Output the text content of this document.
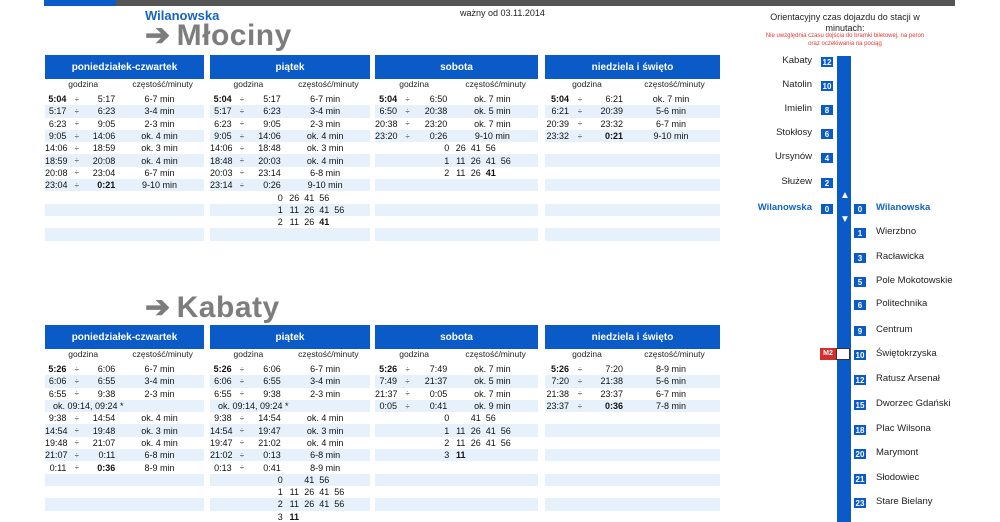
Wilanowska	ważny od 03.11.2014
➔ Młociny
poniedziałek-czwartek
godzina	częstość/minuty
5:04	÷	5:17	6-7 min
5:17	÷	6:23	3-4 min
6:23	÷	9:05	2-3 min
9:05	÷	14:06	ok. 4 min
14:06 ÷	18:59	ok. 3 min
18:59 ÷	20:08	ok. 4 min
20:08 ÷	23:04	6-7 min
23:04 ÷	0:21	9-10 min
piątek
godzina	częstość/minuty
5:04	÷	5:17	6-7 min
5:17	÷	6:23	3-4 min
6:23	÷	9:05	2-3 min
9:05	÷	14:06	ok. 4 min
14:06 ÷	18:48	ok. 3 min
18:48 ÷	20:03	ok. 4 min
20:03 ÷	23:14	6-8 min
23:14 ÷	0:26	9-10 min
0 26 41 56
1 11 26 41 56
2 11 26 41
sobota
godzina	częstość/minuty
5:04	÷	6:50	ok. 7 min
6:50	÷	20:38	ok. 5 min
20:38 ÷	23:20	ok. 7 min
23:20 ÷	0:26	9-10 min
0 26 41 56
1 11 26 41 56
2 11 26 41
niedziela i święto
godzina	częstość/minuty
5:04	÷	6:21	ok. 7 min
6:21	÷	20:39	5-6 min
20:39	÷	23:32	6-7 min
23:32	÷	0:21	9-10 min
➔ Kabaty
poniedziałek-czwartek
godzina	częstość/minuty
5:26	÷	6:06	6-7 min
6:06	÷	6:55	3-4 min
6:55	÷	9:38	2-3 min
ok. 09:14, 09:24 *
9:38	÷	14:54	ok. 4 min
14:54 ÷	19:48	ok. 3 min
19:48 ÷	21:07	ok. 4 min
21:07 ÷	0:11	6-8 min
0:11	÷	0:36	8-9 min
piątek
godzina	częstość/minuty
5:26	÷	6:06	6-7 min
6:06	÷	6:55	3-4 min
6:55	÷	9:38	2-3 min
ok. 09:14, 09:24 *
9:38	÷	14:54	ok. 4 min
14:54 ÷	19:47	ok. 3 min
19:47 ÷	21:02	ok. 4 min
21:02 ÷	0:13	6-8 min
0:13	÷	0:41	8-9 min
0	41 56
1 11 26 41 56
2 11 26 41 56
3 11
sobota
godzina	częstość/minuty
5:26	÷	7:49	ok. 7 min
7:49	÷	21:37	ok. 5 min
21:37 ÷	0:05	ok. 7 min
0:05	÷	0:41	ok. 9 min
0	41 56
1 11 26 41 56
2 11 26 41 56
3 11
niedziela i święto
godzina	częstość/minuty
5:26	÷	7:20	8-9 min
7:20	÷	21:38	5-6 min
21:38	÷	23:37	6-7 min
23:37	÷	0:36	7-8 min
Orientacyjny czas dojazdu do stacji w minutach:
Nie uwzględnia czasu dojścia do bramki biletowej, na peron oraz oczekiwania na pociąg
Kabaty	12
Natolin	10
Imielin	8
Stokłosy	6
Ursynów	4
Służew	2
Wilanowska	0	Wilanowska
0
▲
▼
1	Wierzbno
3	Racławicka
5	Pole Mokotowskie
6	Politechnika
9	Centrum
10 Świętokrzyska
12 Ratusz Arsenał
15 Dworzec Gdański
18 Plac Wilsona
20 Marymont
21 Słodowiec
23 Stare Bielany
M2
